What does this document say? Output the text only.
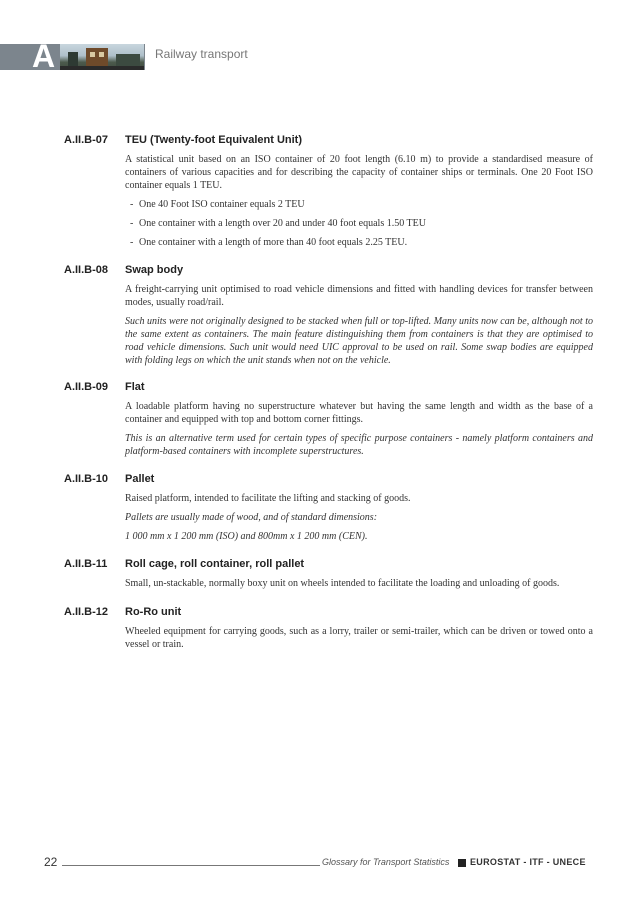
A	Railway transport
A.II.B-07 TEU (Twenty-foot Equivalent Unit)

A statistical unit based on an ISO container of 20 foot length (6.10 m) to provide a standardised measure of containers of various capacities and for describing the capacity of container ships or terminals. One 20 Foot ISO container equals 1 TEU.

- One 40 Foot ISO container equals 2 TEU
- One container with a length over 20 and under 40 foot equals 1.50 TEU
- One container with a length of more than 40 foot equals 2.25 TEU.
A.II.B-08 Swap body

A freight-carrying unit optimised to road vehicle dimensions and fitted with handling devices for transfer between modes, usually road/rail.

Such units were not originally designed to be stacked when full or top-lifted. Many units now can be, although not to the same extent as containers. The main feature distinguishing them from containers is that they are optimised to road vehicle dimensions. Such unit would need UIC approval to be used on rail. Some swap bodies are equipped with folding legs on which the unit stands when not on the vehicle.

A.II.B-09 Flat

A loadable platform having no superstructure whatever but having the same length and width as the base of a container and equipped with top and bottom corner fittings.

This is an alternative term used for certain types of specific purpose containers - namely platform containers and platform-based containers with incomplete superstructures.

A.II.B-10 Pallet

Raised platform, intended to facilitate the lifting and stacking of goods.

Pallets are usually made of wood, and of standard dimensions:

1 000 mm x 1 200 mm (ISO) and 800mm x 1 200 mm (CEN).

A.II.B-11 Roll cage, roll container, roll pallet

Small, un-stackable, normally boxy unit on wheels intended to facilitate the loading and unloading of goods.

A.II.B-12 Ro-Ro unit

Wheeled equipment for carrying goods, such as a lorry, trailer or semi-trailer, which can be driven or towed onto a vessel or train.

22	Glossary for Transport Statistics EUROSTAT - ITF - UNECE
